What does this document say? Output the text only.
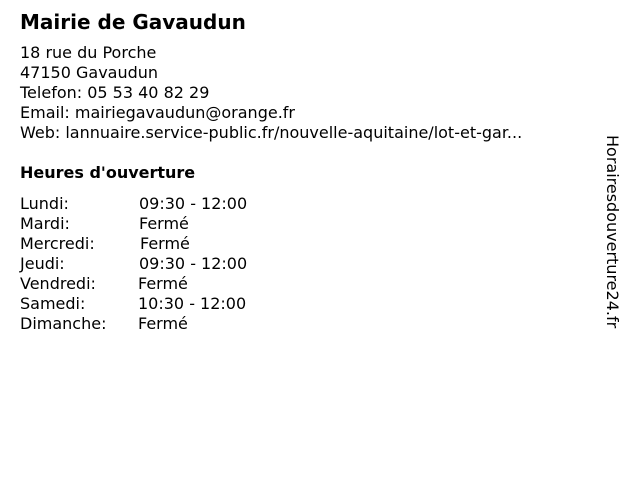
Mairie de Gavaudun
18 rue du Porche
47150 Gavaudun
Telefon: 05 53 40 82 29
Email: mairiegavaudun@orange.fr
Web: lannuaire.service-public.fr/nouvelle-aquitaine/lot-et-gar...
Heures d'ouverture
Lundi:	09:30 - 12:00
Mardi:	Fermé
Mercredi:	Fermé
Jeudi:	09:30 - 12:00
Vendredi:	Fermé
Samedi:	10:30 - 12:00
Dimanche: Fermé	Horairesdouverture24.fr
